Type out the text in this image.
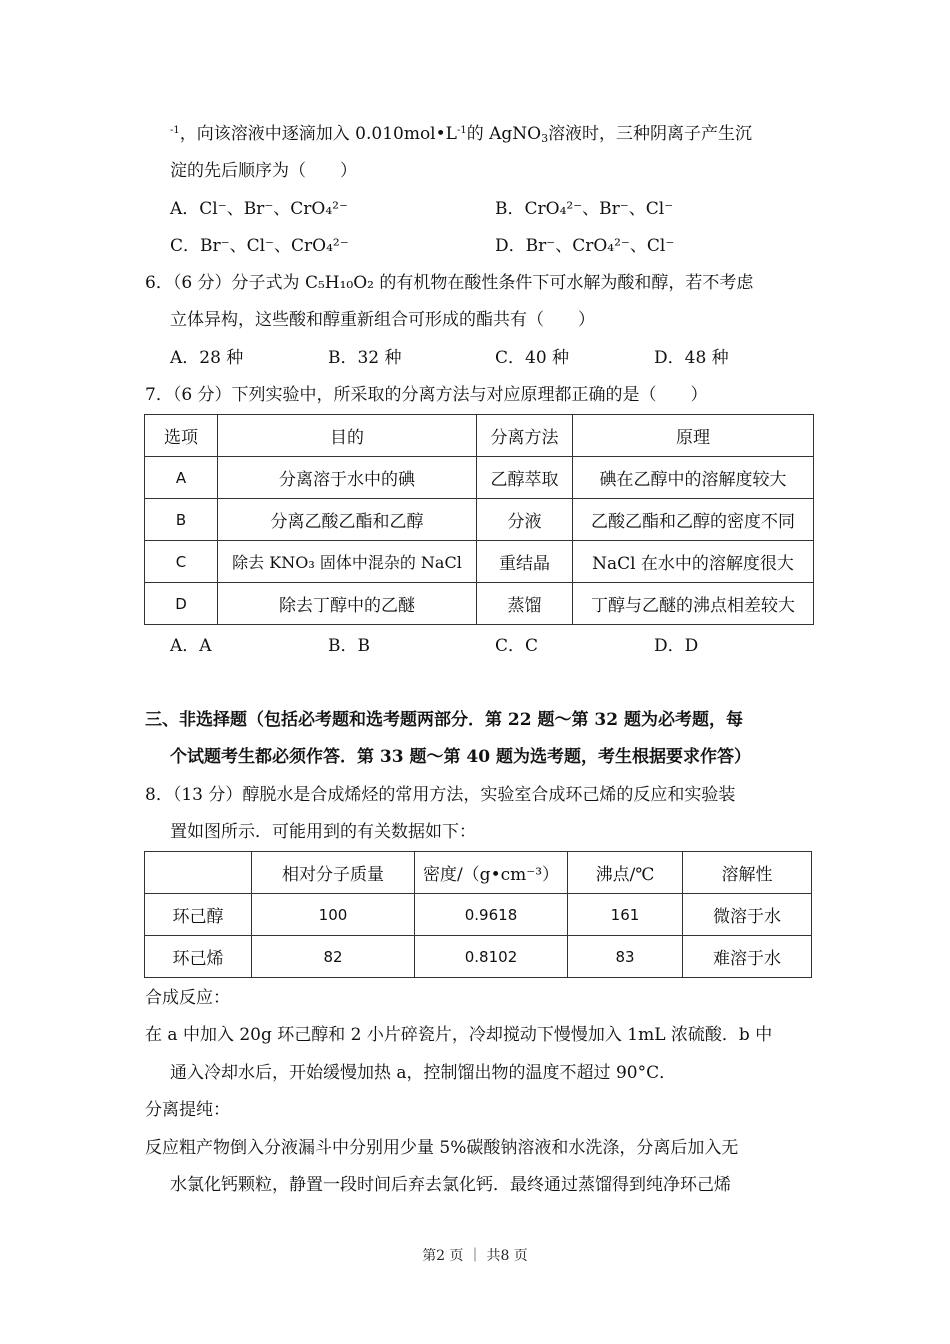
$^{-1}$，向该溶液中逐滴加入 $0.010mol•L^{-1}$的 AgNO$_3$溶液时，三种阴离子产生沉
淀的先后顺序为（　　）
A．Cl⁻、Br⁻、CrO₄²⁻	B．CrO₄²⁻、Br⁻、Cl⁻
C．Br⁻、Cl⁻、CrO₄²⁻	D．Br⁻、CrO₄²⁻、Cl⁻
6．（6 分）分子式为 C₅H₁₀O₂ 的有机物在酸性条件下可水解为酸和醇，若不考虑
立体异构，这些酸和醇重新组合可形成的酯共有（　　）
A．28 种	B．32 种	C．40 种	D．48 种
7．（6 分）下列实验中，所采取的分离方法与对应原理都正确的是（　　）
选项	目的	分离方法	原理
A	分离溶于水中的碘	乙醇萃取	碘在乙醇中的溶解度较大
B	分离乙酸乙酯和乙醇	分液	乙酸乙酯和乙醇的密度不同
C	除去 KNO₃ 固体中混杂的 NaCl	重结晶	NaCl 在水中的溶解度很大
D	除去丁醇中的乙醚	蒸馏	丁醇与乙醚的沸点相差较大
A．A	B．B	C．C	D．D
三、非选择题（包括必考题和选考题两部分．第 22 题～第 32 题为必考题，每
个试题考生都必须作答．第 33 题～第 40 题为选考题，考生根据要求作答）
8．（13 分）醇脱水是合成烯烃的常用方法，实验室合成环己烯的反应和实验装
置如图所示．可能用到的有关数据如下：
	相对分子质量	密度/（g•cm⁻³）	沸点/℃	溶解性
环己醇	100	0.9618	161	微溶于水
环己烯	82	0.8102	83	难溶于水
合成反应：
在 a 中加入 20g 环己醇和 2 小片碎瓷片，冷却搅动下慢慢加入 1mL 浓硫酸．b 中
通入冷却水后，开始缓慢加热 a，控制馏出物的温度不超过 90°C．
分离提纯：
反应粗产物倒入分液漏斗中分别用少量 5%碳酸钠溶液和水洗涤，分离后加入无
水氯化钙颗粒，静置一段时间后弃去氯化钙．最终通过蒸馏得到纯净环己烯
第2 页 ｜ 共8 页
